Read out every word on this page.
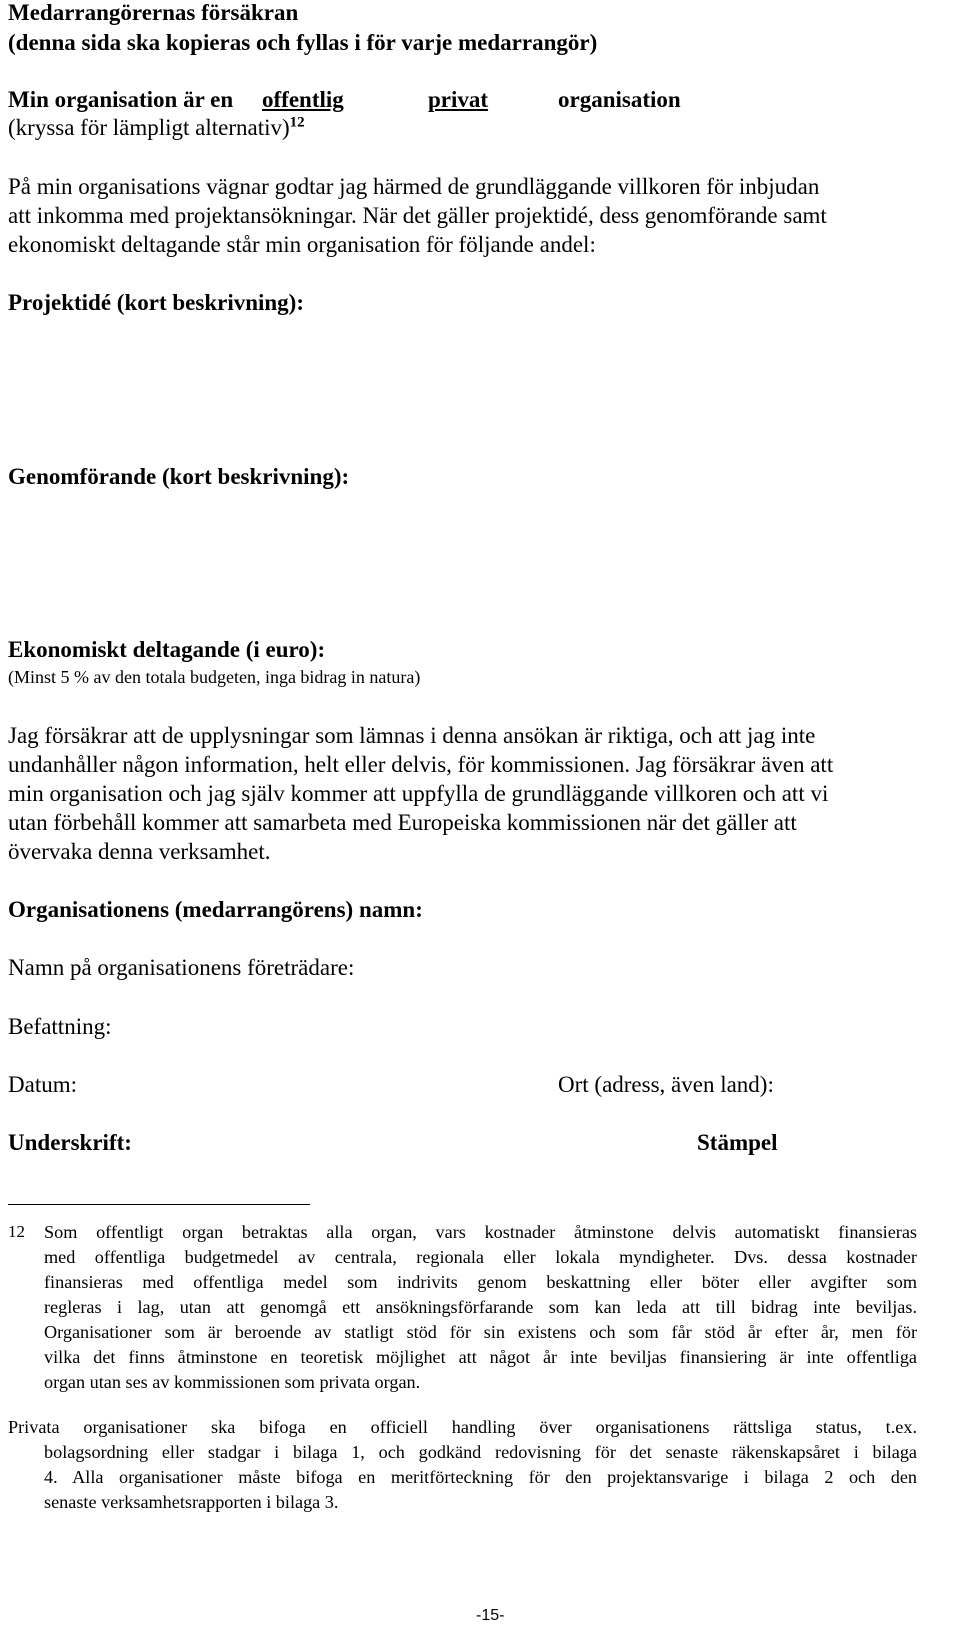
Medarrangörernas försäkran
(denna sida ska kopieras och fyllas i för varje medarrangör)
Min organisation är en offentlig	privat	organisation
(kryssa för lämpligt alternativ)$^{12}$
På min organisations vägnar godtar jag härmed de grundläggande villkoren för inbjudan
att inkomma med projektansökningar. När det gäller projektidé, dess genomförande samt
ekonomiskt deltagande står min organisation för följande andel:
Projektidé (kort beskrivning):
Genomförande (kort beskrivning):
Ekonomiskt deltagande (i euro):
(Minst 5 % av den totala budgeten, inga bidrag in natura)
Jag försäkrar att de upplysningar som lämnas i denna ansökan är riktiga, och att jag inte
undanhåller någon information, helt eller delvis, för kommissionen. Jag försäkrar även att
min organisation och jag själv kommer att uppfylla de grundläggande villkoren och att vi
utan förbehåll kommer att samarbeta med Europeiska kommissionen när det gäller att
övervaka denna verksamhet.
Organisationens (medarrangörens) namn:
Namn på organisationens företrädare:
Befattning:
Datum:	Ort (adress, även land):
Underskrift:	Stämpel
12 Som offentligt organ betraktas alla organ, vars kostnader åtminstone delvis automatiskt finansieras
med offentliga budgetmedel av centrala, regionala eller lokala myndigheter. Dvs. dessa kostnader
finansieras med offentliga medel som indrivits genom beskattning eller böter eller avgifter som
regleras i lag, utan att genomgå ett ansökningsförfarande som kan leda att till bidrag inte beviljas.
Organisationer som är beroende av statligt stöd för sin existens och som får stöd år efter år, men för
vilka det finns åtminstone en teoretisk möjlighet att något år inte beviljas finansiering är inte offentliga
organ utan ses av kommissionen som privata organ.
Privata organisationer ska bifoga en officiell handling över organisationens rättsliga status, t.ex.
bolagsordning eller stadgar i bilaga 1, och godkänd redovisning för det senaste räkenskapsåret i bilaga
4. Alla organisationer måste bifoga en meritförteckning för den projektansvarige i bilaga 2 och den
senaste verksamhetsrapporten i bilaga 3.
-15-
